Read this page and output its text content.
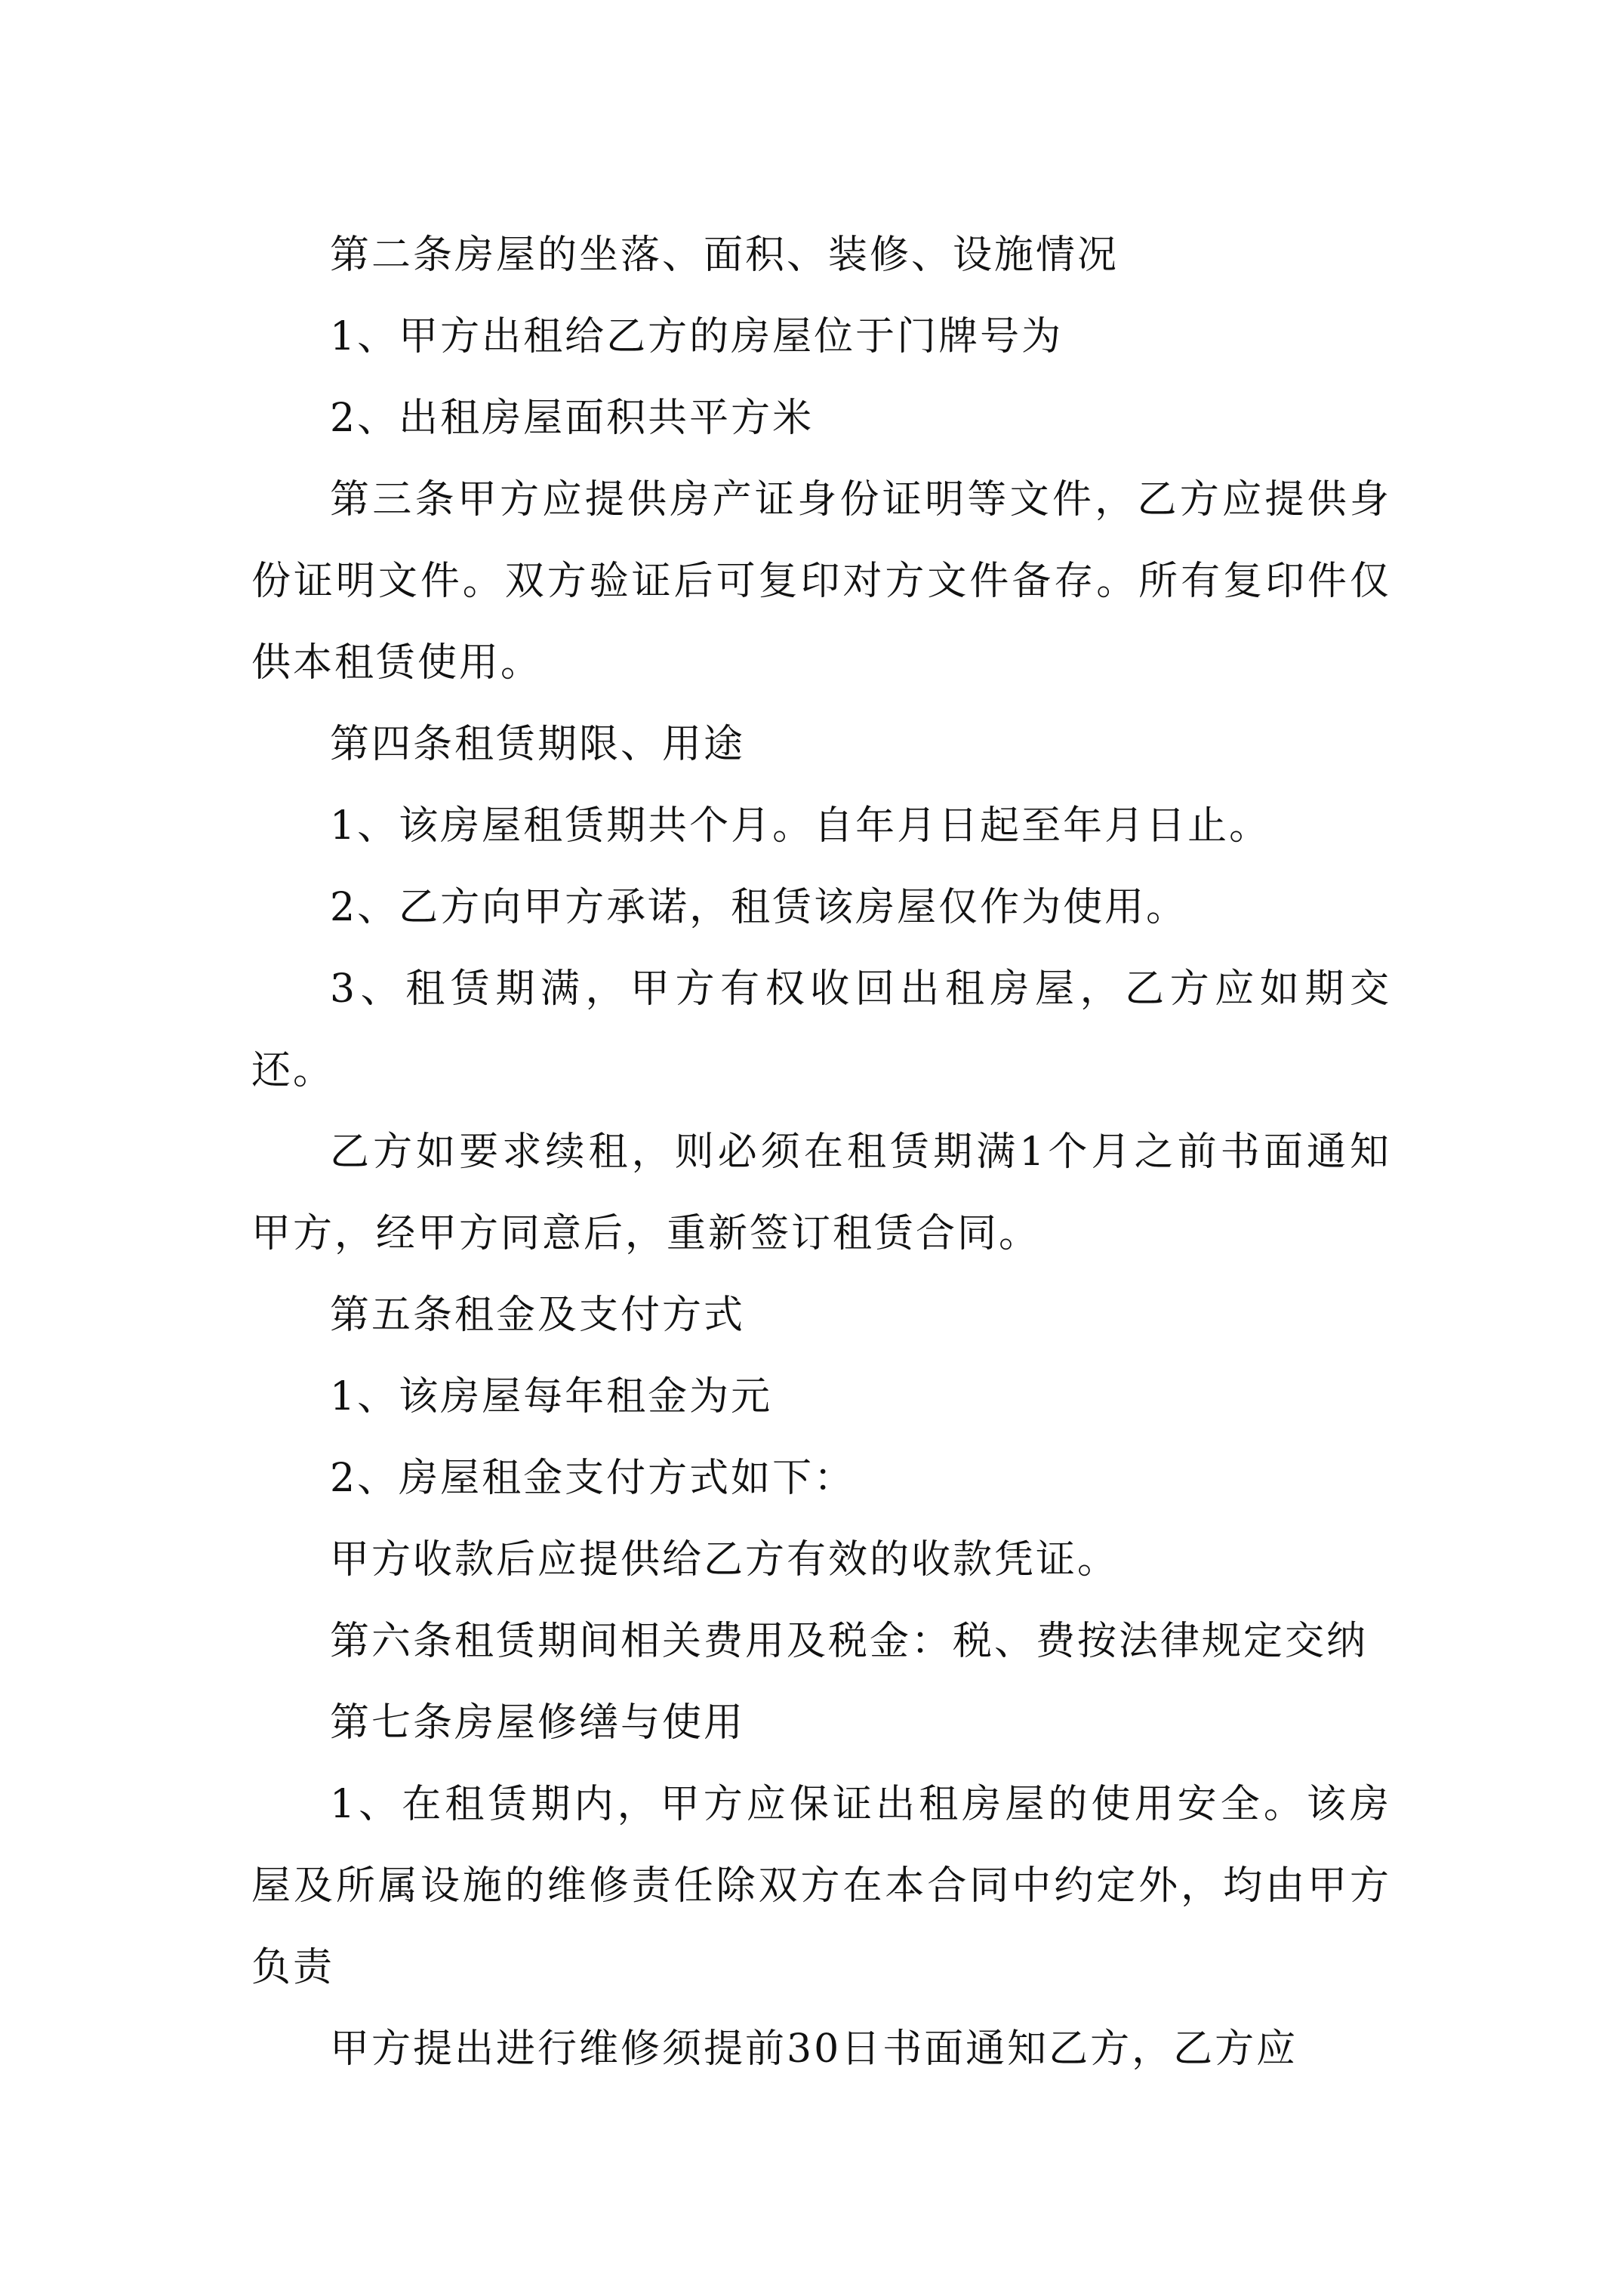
第二条房屋的坐落、面积、装修、设施情况

1、甲方出租给乙方的房屋位于门牌号为

2、出租房屋面积共平方米

第三条甲方应提供房产证身份证明等文件，乙方应提供身份证明文件。双方验证后可复印对方文件备存。所有复印件仅供本租赁使用。

第四条租赁期限、用途

1、该房屋租赁期共个月。自年月日起至年月日止。

2、乙方向甲方承诺，租赁该房屋仅作为使用。

3、租赁期满，甲方有权收回出租房屋，乙方应如期交还。

乙方如要求续租，则必须在租赁期满1个月之前书面通知甲方，经甲方同意后，重新签订租赁合同。

第五条租金及支付方式

1、该房屋每年租金为元

2、房屋租金支付方式如下：

甲方收款后应提供给乙方有效的收款凭证。

第六条租赁期间相关费用及税金：税、费按法律规定交纳

第七条房屋修缮与使用

1、在租赁期内，甲方应保证出租房屋的使用安全。该房屋及所属设施的维修责任除双方在本合同中约定外，均由甲方负责

甲方提出进行维修须提前30日书面通知乙方，乙方应
